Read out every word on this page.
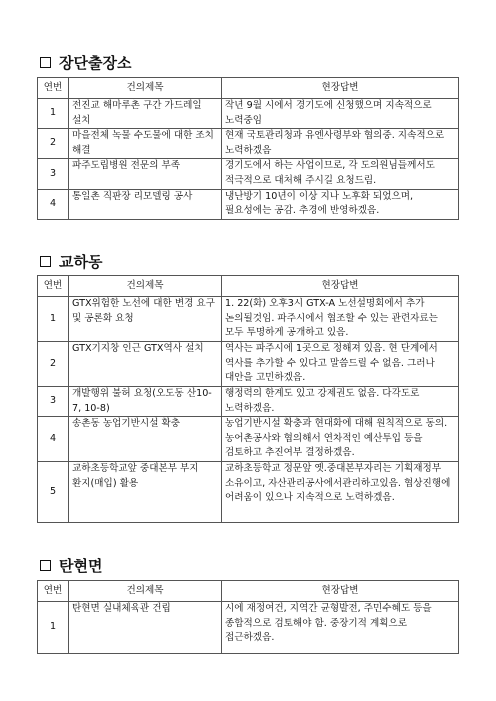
장단출장소
연번	건의제목	현장답변
1	전진교 해마루촌 구간 가드레일 설치	작년 9월 시에서 경기도에 신청했으며 지속적으로 노력중임
2	마을전체 녹물 수도물에 대한 조치 해결	현재 국토관리청과 유엔사령부와 협의중. 지속적으로 노력하겠음
3	파주도립병원 전문의 부족	경기도에서 하는 사업이므로, 각 도의원님들께서도 적극적으로 대처해 주시길 요청드림.
4	통일촌 직판장 리모델링 공사	냉난방기 10년이 이상 지나 노후화 되었으며, 필요성에는 공감. 추경에 반영하겠음.
교하동
연번	건의제목	현장답변
1	GTX위험한 노선에 대한 변경 요구 및 공론화 요청	1. 22(화) 오후3시 GTX-A 노선설명회에서 추가 논의될것임. 파주시에서 협조할 수 있는 관련자료는 모두 투명하게 공개하고 있음.
2	GTX기지창 인근 GTX역사 설치	역사는 파주시에 1곳으로 정해져 있음. 현 단계에서 역사를 추가할 수 있다고 말씀드릴 수 없음. 그러나 대안을 고민하겠음.
3	개발행위 불허 요청(오도동 산10-7, 10-8)	행정력의 한계도 있고 강제권도 없음. 다각도로 노력하겠음.
4	송촌동 농업기반시설 확충	농업기반시설 확충과 현대화에 대해 원칙적으로 동의. 농어촌공사와 협의해서 연차적인 예산투입 등을 검토하고 추진여부 결정하겠음.
5	교하초등학교앞 중대본부 부지 환지(매입) 활용	교하초등학교 정문앞 옛.중대본부자리는 기획재정부 소유이고, 자산관리공사에서관리하고있음. 협상진행에 어려움이 있으나 지속적으로 노력하겠음.
탄현면
연번	건의제목	현장답변
1	탄현면 실내체육관 건립	시에 재정여건, 지역간 균형발전, 주민수혜도 등을 종합적으로 검토해야 함. 중장기적 계획으로 접근하겠음.
